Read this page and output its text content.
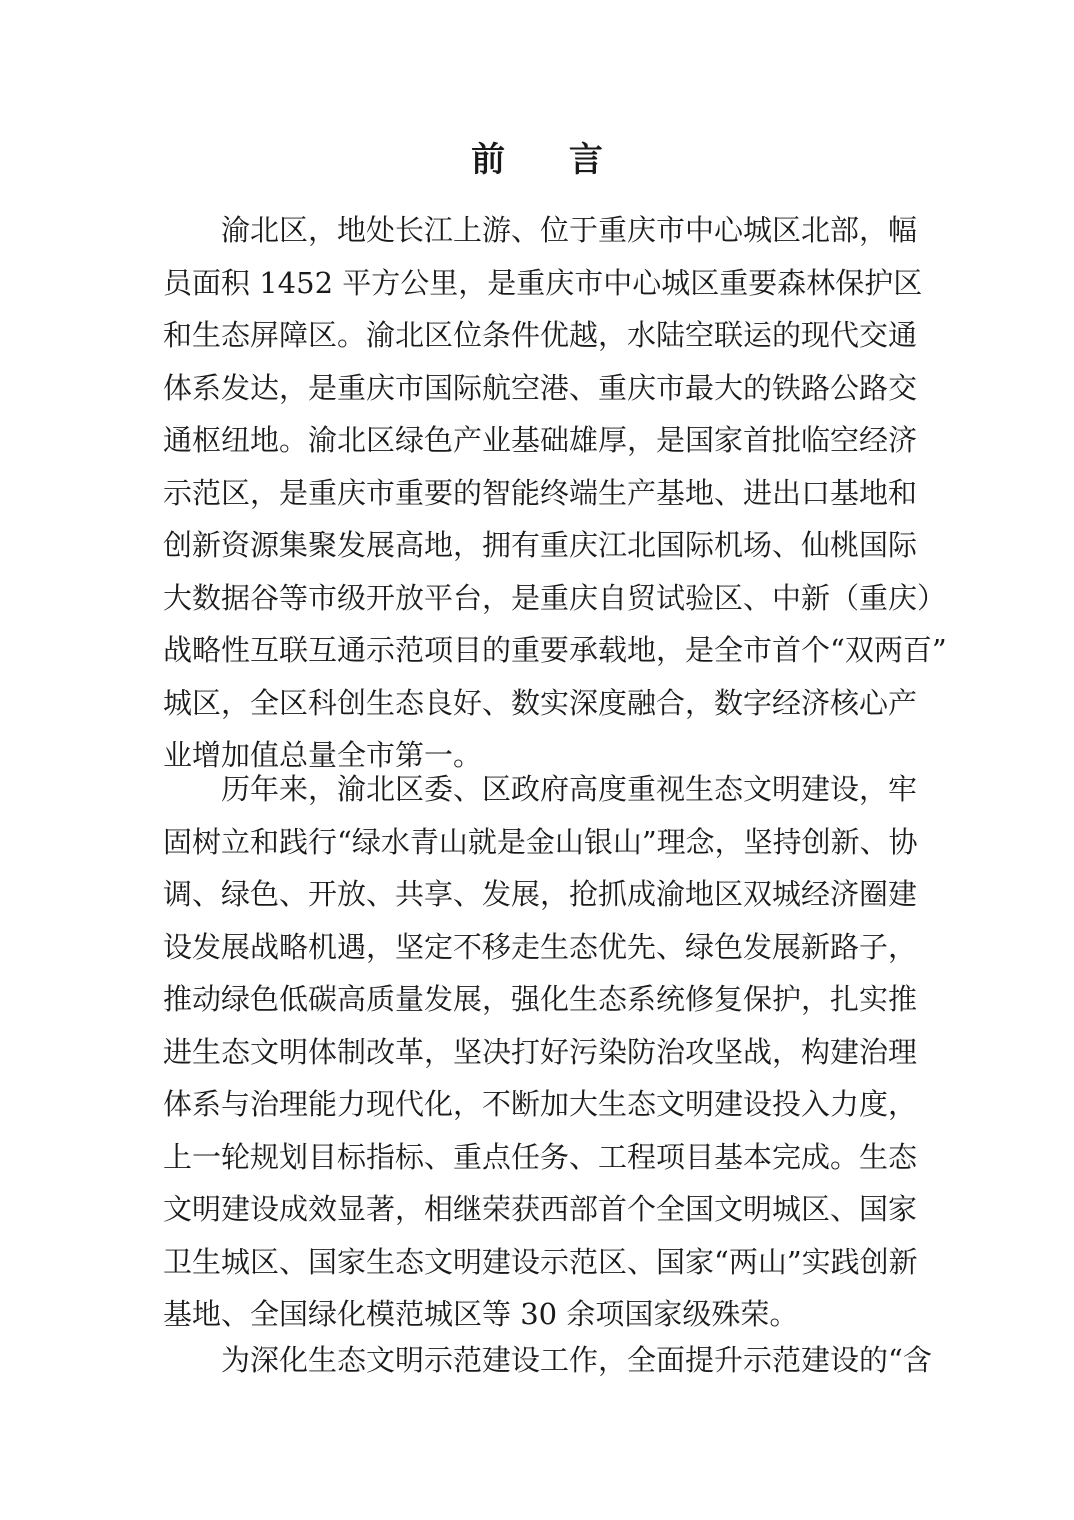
前 言
渝北区，地处长江上游、位于重庆市中心城区北部，幅
员面积 1452 平方公里，是重庆市中心城区重要森林保护区
和生态屏障区。渝北区位条件优越，水陆空联运的现代交通
体系发达，是重庆市国际航空港、重庆市最大的铁路公路交
通枢纽地。渝北区绿色产业基础雄厚，是国家首批临空经济
示范区，是重庆市重要的智能终端生产基地、进出口基地和
创新资源集聚发展高地，拥有重庆江北国际机场、仙桃国际
大数据谷等市级开放平台，是重庆自贸试验区、中新（重庆）
战略性互联互通示范项目的重要承载地，是全市首个“双两百”
城区，全区科创生态良好、数实深度融合，数字经济核心产
业增加值总量全市第一。
历年来，渝北区委、区政府高度重视生态文明建设，牢
固树立和践行“绿水青山就是金山银山”理念，坚持创新、协
调、绿色、开放、共享、发展，抢抓成渝地区双城经济圈建
设发展战略机遇，坚定不移走生态优先、绿色发展新路子，
推动绿色低碳高质量发展，强化生态系统修复保护，扎实推
进生态文明体制改革，坚决打好污染防治攻坚战，构建治理
体系与治理能力现代化，不断加大生态文明建设投入力度，
上一轮规划目标指标、重点任务、工程项目基本完成。生态
文明建设成效显著，相继荣获西部首个全国文明城区、国家
卫生城区、国家生态文明建设示范区、国家“两山”实践创新
基地、全国绿化模范城区等 30 余项国家级殊荣。
为深化生态文明示范建设工作，全面提升示范建设的“含
